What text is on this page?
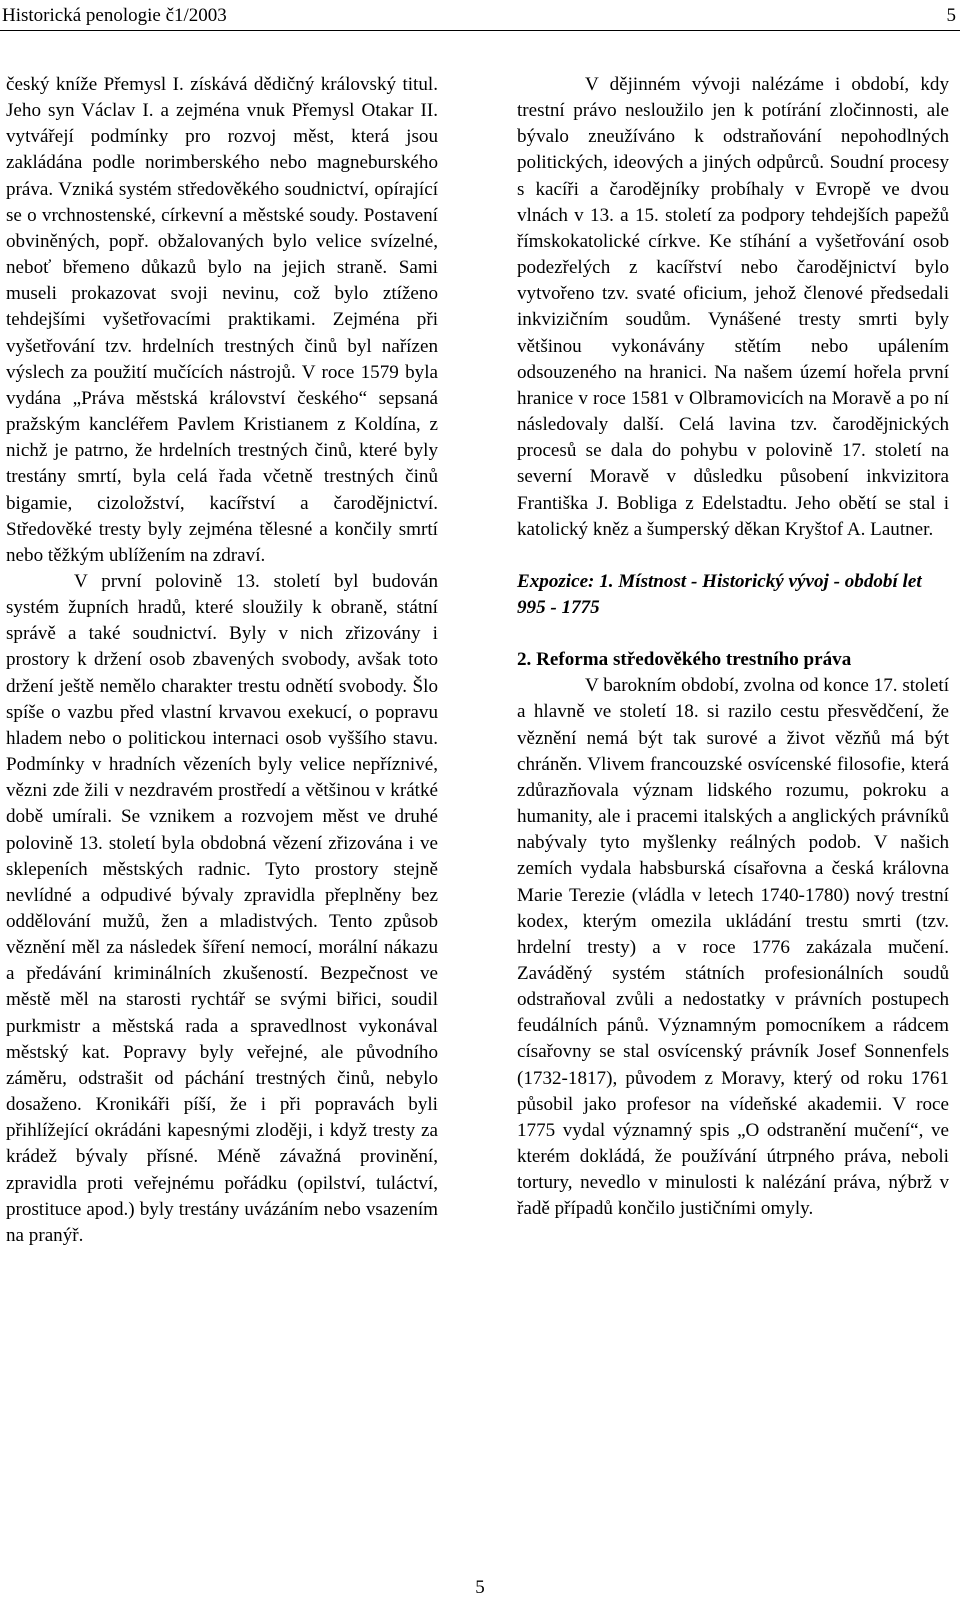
Historická penologie č1/2003	5

český kníže Přemysl I. získává dědičný královský titul. Jeho syn Václav I. a zejména vnuk Přemysl Otakar II. vytvářejí podmínky pro rozvoj měst, která jsou zakládána podle norimberského nebo magneburského práva. Vzniká systém středověkého soudnictví, opírající se o vrchnostenské, církevní a městské soudy. Postavení obviněných, popř. obžalovaných bylo velice svízelné, neboť břemeno důkazů bylo na jejich straně. Sami museli prokazovat svoji nevinu, což bylo ztíženo tehdejšími vyšetřovacími praktikami. Zejména při vyšetřování tzv. hrdelních trestných činů byl nařízen výslech za použití mučících nástrojů. V roce 1579 byla vydána „Práva městská království českého“ sepsaná pražským kancléřem Pavlem Kristianem z Koldína, z nichž je patrno, že hrdelních trestných činů, které byly trestány smrtí, byla celá řada včetně trestných činů bigamie, cizoložství, kacířství a čarodějnictví. Středověké tresty byly zejména tělesné a končily smrtí nebo těžkým ublížením na zdraví.

V první polovině 13. století byl budován systém župních hradů, které sloužily k obraně, státní správě a také soudnictví. Byly v nich zřizovány i prostory k držení osob zbavených svobody, avšak toto držení ještě nemělo charakter trestu odnětí svobody. Šlo spíše o vazbu před vlastní krvavou exekucí, o popravu hladem nebo o politickou internaci osob vyššího stavu. Podmínky v hradních vězeních byly velice nepříznivé, vězni zde žili v nezdravém prostředí a většinou v krátké době umírali. Se vznikem a rozvojem měst ve druhé polovině 13. století byla obdobná vězení zřizována i ve sklepeních městských radnic. Tyto prostory stejně nevlídné a odpudivé bývaly zpravidla přeplněny bez oddělování mužů, žen a mladistvých. Tento způsob věznění měl za následek šíření nemocí, morální nákazu a předávání kriminálních zkušeností. Bezpečnost ve městě měl na starosti rychtář se svými biřici, soudil purkmistr a městská rada a spravedlnost vykonával městský kat. Popravy byly veřejné, ale původního záměru, odstrašit od páchání trestných činů, nebylo dosaženo. Kronikáři píší, že i při popravách byli přihlížející okrádáni kapesnými zloději, i když tresty za krádež bývaly přísné. Méně závažná provinění, zpravidla proti veřejnému pořádku (opilství, tuláctví, prostituce apod.) byly trestány uvázáním nebo vsazením na pranýř.

V dějinném vývoji nalézáme i období, kdy trestní právo nesloužilo jen k potírání zločinnosti, ale bývalo zneužíváno k odstraňování nepohodlných politických, ideových a jiných odpůrců. Soudní procesy s kacíři a čarodějníky probíhaly v Evropě ve dvou vlnách v 13. a 15. století za podpory tehdejších papežů římskokatolické církve. Ke stíhání a vyšetřování osob podezřelých z kacířství nebo čarodějnictví bylo vytvořeno tzv. svaté oficium, jehož členové předsedali inkvizičním soudům. Vynášené tresty smrti byly většinou vykonávány stětím nebo upálením odsouzeného na hranici. Na našem území hořela první hranice v roce 1581 v Olbramovicích na Moravě a po ní následovaly další. Celá lavina tzv. čarodějnických procesů se dala do pohybu v polovině 17. století na severní Moravě v důsledku působení inkvizitora Františka J. Bobliga z Edelstadtu. Jeho obětí se stal i katolický kněz a šumperský děkan Kryštof A. Lautner.

Expozice: 1. Místnost - Historický vývoj - období let 995 - 1775

2. Reforma středověkého trestního práva

V barokním období, zvolna od konce 17. století a hlavně ve století 18. si razilo cestu přesvědčení, že věznění nemá být tak surové a život vězňů má být chráněn. Vlivem francouzské osvícenské filosofie, která zdůrazňovala význam lidského rozumu, pokroku a humanity, ale i pracemi italských a anglických právníků nabývaly tyto myšlenky reálných podob. V našich zemích vydala habsburská císařovna a česká královna Marie Terezie (vládla v letech 1740-1780) nový trestní kodex, kterým omezila ukládání trestu smrti (tzv. hrdelní tresty) a v roce 1776 zakázala mučení. Zaváděný systém státních profesionálních soudů odstraňoval zvůli a nedostatky v právních postupech feudálních pánů. Významným pomocníkem a rádcem císařovny se stal osvícenský právník Josef Sonnenfels (1732-1817), původem z Moravy, který od roku 1761 působil jako profesor na vídeňské akademii. V roce 1775 vydal významný spis „O odstranění mučení“, ve kterém dokládá, že používání útrpného práva, neboli tortury, nevedlo v minulosti k nalézání práva, nýbrž v řadě případů končilo justičními omyly.

5
